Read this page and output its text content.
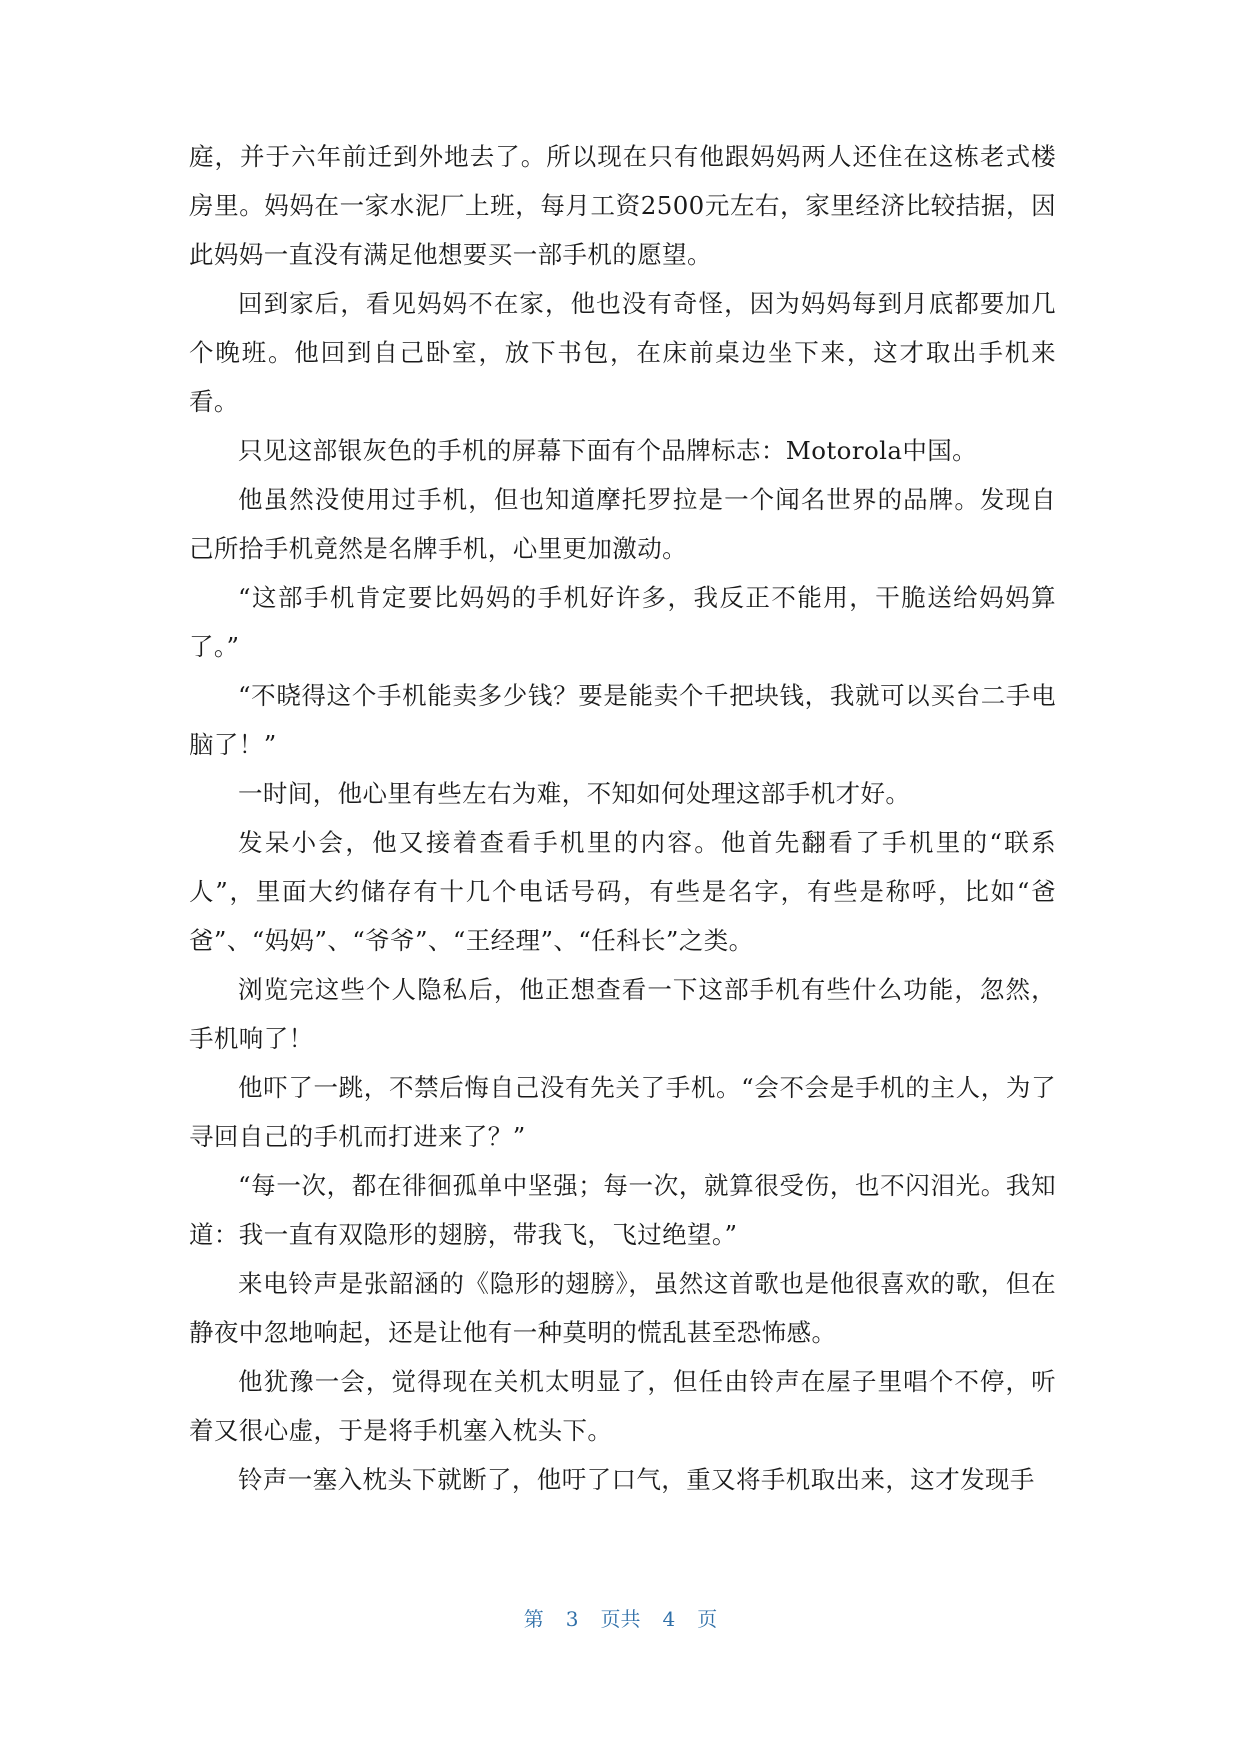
庭，并于六年前迁到外地去了。所以现在只有他跟妈妈两人还住在这栋老式楼房里。妈妈在一家水泥厂上班，每月工资2500元左右，家里经济比较拮据，因此妈妈一直没有满足他想要买一部手机的愿望。

回到家后，看见妈妈不在家，他也没有奇怪，因为妈妈每到月底都要加几个晚班。他回到自己卧室，放下书包，在床前桌边坐下来，这才取出手机来看。

只见这部银灰色的手机的屏幕下面有个品牌标志：Motorola中国。

他虽然没使用过手机，但也知道摩托罗拉是一个闻名世界的品牌。发现自己所拾手机竟然是名牌手机，心里更加激动。

“这部手机肯定要比妈妈的手机好许多，我反正不能用，干脆送给妈妈算了。”

“不晓得这个手机能卖多少钱？要是能卖个千把块钱，我就可以买台二手电脑了！”

一时间，他心里有些左右为难，不知如何处理这部手机才好。

发呆小会，他又接着查看手机里的内容。他首先翻看了手机里的“联系人”，里面大约储存有十几个电话号码，有些是名字，有些是称呼，比如“爸爸”、“妈妈”、“爷爷”、“王经理”、“任科长”之类。

浏览完这些个人隐私后，他正想查看一下这部手机有些什么功能，忽然，手机响了！

他吓了一跳，不禁后悔自己没有先关了手机。“会不会是手机的主人，为了寻回自己的手机而打进来了？”

“每一次，都在徘徊孤单中坚强；每一次，就算很受伤，也不闪泪光。我知道：我一直有双隐形的翅膀，带我飞，飞过绝望。”

来电铃声是张韶涵的《隐形的翅膀》，虽然这首歌也是他很喜欢的歌，但在静夜中忽地响起，还是让他有一种莫明的慌乱甚至恐怖感。

他犹豫一会，觉得现在关机太明显了，但任由铃声在屋子里唱个不停，听着又很心虚，于是将手机塞入枕头下。

铃声一塞入枕头下就断了，他吁了口气，重又将手机取出来，这才发现手

第 3 页共 4 页
